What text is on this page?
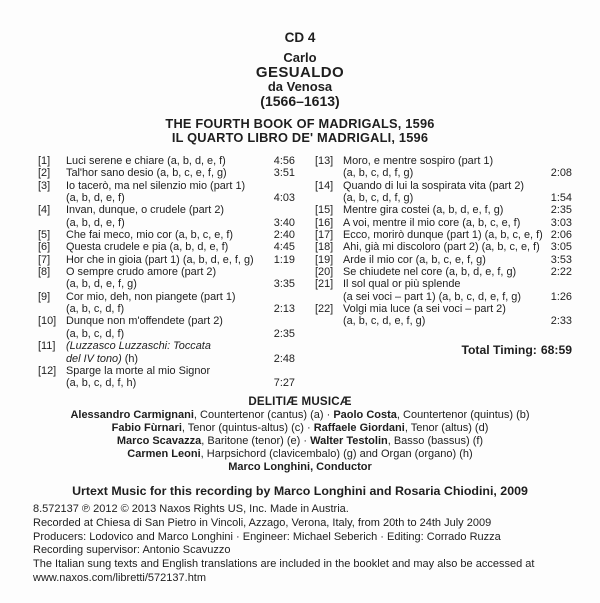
CD 4
Carlo
GESUALDO
da Venosa
(1566–1613)
THE FOURTH BOOK OF MADRIGALS, 1596
IL QUARTO LIBRO DE' MADRIGALI, 1596
[1]	Luci serene e chiare (a, b, d, e, f)	4:56
[2]	Tal'hor sano desio (a, b, c, e, f, g)	3:51
[3]	Io tacerò, ma nel silenzio mio (part 1)
(a, b, d, e, f)	4:03
[4]	Invan, dunque, o crudele (part 2)
(a, b, d, e, f)	3:40
[5]	Che fai meco, mio cor (a, b, c, e, f)	2:40
[6]	Questa crudele e pia (a, b, d, e, f)	4:45
[7]	Hor che in gioia (part 1) (a, b, d, e, f, g)	1:19
[8]	O sempre crudo amore (part 2)
(a, b, d, e, f, g)	3:35
[9]	Cor mio, deh, non piangete (part 1)
(a, b, c, d, f)	2:13
[10] Dunque non m'offendete (part 2)
(a, b, c, d, f)	2:35
[11] (Luzzasco Luzzaschi: Toccata
del IV tono) (h)	2:48
[12] Sparge la morte al mio Signor
(a, b, c, d, f, h)	7:27
[13] Moro, e mentre sospiro (part 1)
(a, b, c, d, f, g)	2:08
[14] Quando di lui la sospirata vita (part 2)
(a, b, c, d, f, g)	1:54
[15] Mentre gira costei (a, b, d, e, f, g)	2:35
[16] A voi, mentre il mio core (a, b, c, e, f)	3:03
[17] Ecco, morirò dunque (part 1) (a, b, c, e, f) 2:06
[18] Ahi, già mi discoloro (part 2) (a, b, c, e, f)	3:05
[19] Arde il mio cor (a, b, c, e, f, g)	3:53
[20] Se chiudete nel core (a, b, d, e, f, g)	2:22
[21] Il sol qual or più splende
(a sei voci – part 1) (a, b, c, d, e, f, g)	1:26
[22] Volgi mia luce (a sei voci – part 2)
(a, b, c, d, e, f, g)	2:33
Total Timing: 68:59
DELITIÆ MUSICÆ
Alessandro Carmignani, Countertenor (cantus) (a) · Paolo Costa, Countertenor (quintus) (b)
Fabio Fùrnari, Tenor (quintus-altus) (c) · Raffaele Giordani, Tenor (altus) (d)
Marco Scavazza, Baritone (tenor) (e) · Walter Testolin, Basso (bassus) (f)
Carmen Leoni, Harpsichord (clavicembalo) (g) and Organ (organo) (h)
Marco Longhini, Conductor
Urtext Music for this recording by Marco Longhini and Rosaria Chiodini, 2009
8.572137 ℗ 2012 © 2013 Naxos Rights US, Inc. Made in Austria.
Recorded at Chiesa di San Pietro in Vincoli, Azzago, Verona, Italy, from 20th to 24th July 2009
Producers: Lodovico and Marco Longhini · Engineer: Michael Seberich · Editing: Corrado Ruzza
Recording supervisor: Antonio Scavuzzo
The Italian sung texts and English translations are included in the booklet and may also be accessed at
www.naxos.com/libretti/572137.htm
